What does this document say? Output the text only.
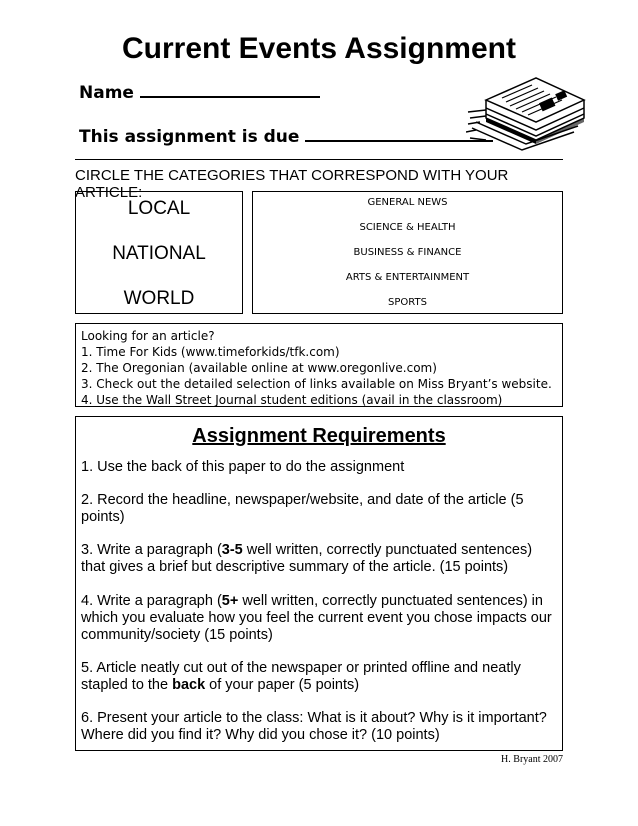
Current Events Assignment
Name
This assignment is due
CIRCLE THE CATEGORIES THAT CORRESPOND WITH YOUR ARTICLE:
LOCAL
NATIONAL
WORLD
GENERAL NEWS
SCIENCE & HEALTH
BUSINESS & FINANCE
ARTS & ENTERTAINMENT
SPORTS
Looking for an article?
1. Time For Kids (www.timeforkids/tfk.com)
2. The Oregonian (available online at www.oregonlive.com)
3. Check out the detailed selection of links available on Miss Bryant’s website.
4. Use the Wall Street Journal student editions (avail in the classroom)
Assignment Requirements
1. Use the back of this paper to do the assignment
2. Record the headline, newspaper/website, and date of the article (5 points)
3. Write a paragraph (3-5 well written, correctly punctuated sentences) that gives a brief but descriptive summary of the article. (15 points)
4. Write a paragraph (5+ well written, correctly punctuated sentences) in which you evaluate how you feel the current event you chose impacts our community/society (15 points)
5. Article neatly cut out of the newspaper or printed offline and neatly stapled to the back of your paper (5 points)
6. Present your article to the class: What is it about? Why is it important? Where did you find it? Why did you chose it? (10 points)
H. Bryant 2007
